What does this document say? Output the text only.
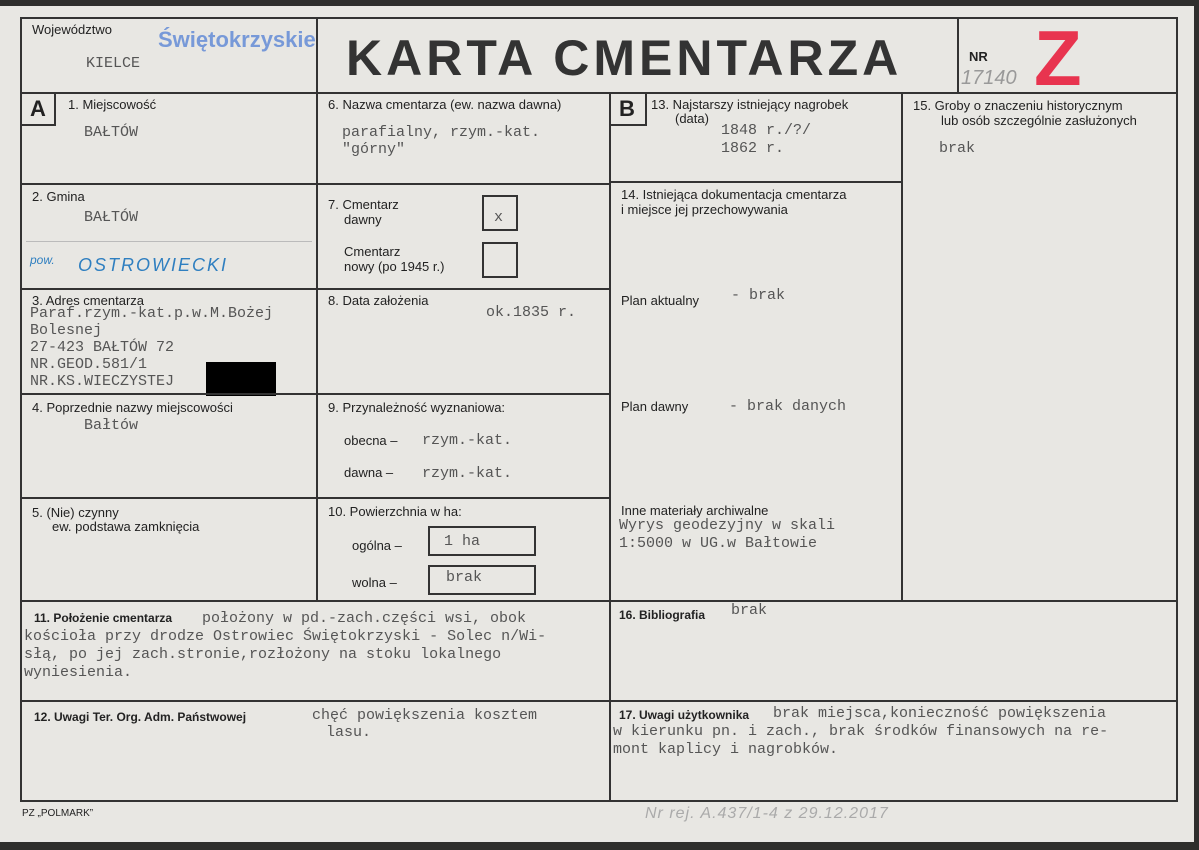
Województwo
KIELCE
Świętokrzyskie KARTA CMENTARZA	NR
17140 Z
A 1. Miejscowość
BAŁTÓW
2. Gmina
BAŁTÓW
pow. OSTROWIECKI
3. Adres cmentarza
Paraf.rzym.-kat.p.w.M.Bożej
Bolesnej
27-423 BAŁTÓW 72
NR.GEOD.581/1
NR.KS.WIECZYSTEJ
4. Poprzednie nazwy miejscowości
Bałtów
5. (Nie) czynny
ew. podstawa zamknięcia
6. Nazwa cmentarza (ew. nazwa dawna)
parafialny, rzym.-kat.
"górny"
7. Cmentarz
dawny	x
Cmentarz
nowy (po 1945 r.)
8. Data założenia
ok.1835 r.
9. Przynależność wyznaniowa:
obecna – rzym.-kat.
dawna – rzym.-kat.
10. Powierzchnia w ha:
ogólna –	1 ha
wolna –	brak
B 13. Najstarszy istniejący nagrobek
(data)
1848 r./?/
1862 r.
14. Istniejąca dokumentacja cmentarza
i miejsce jej przechowywania
Plan aktualny - brak
Plan dawny	- brak danych
Inne materiały archiwalne
Wyrys geodezyjny w skali
1:5000 w UG.w Bałtowie
15. Groby o znaczeniu historycznym
lub osób szczególnie zasłużonych
brak
11. Położenie cmentarza położony w pd.-zach.części wsi, obok
kościoła przy drodze Ostrowiec Świętokrzyski - Solec n/Wi-
słą, po jej zach.stronie,rozłożony na stoku lokalnego
wyniesienia.
16. Bibliografia brak
12. Uwagi Ter. Org. Adm. Państwowej	chęć powiększenia kosztem
lasu.
17. Uwagi użytkownika brak miejsca,konieczność powiększenia
w kierunku pn. i zach., brak środków finansowych na re-
mont kaplicy i nagrobków.
PZ „POLMARK”	Nr rej. A.437/1-4 z 29.12.2017
